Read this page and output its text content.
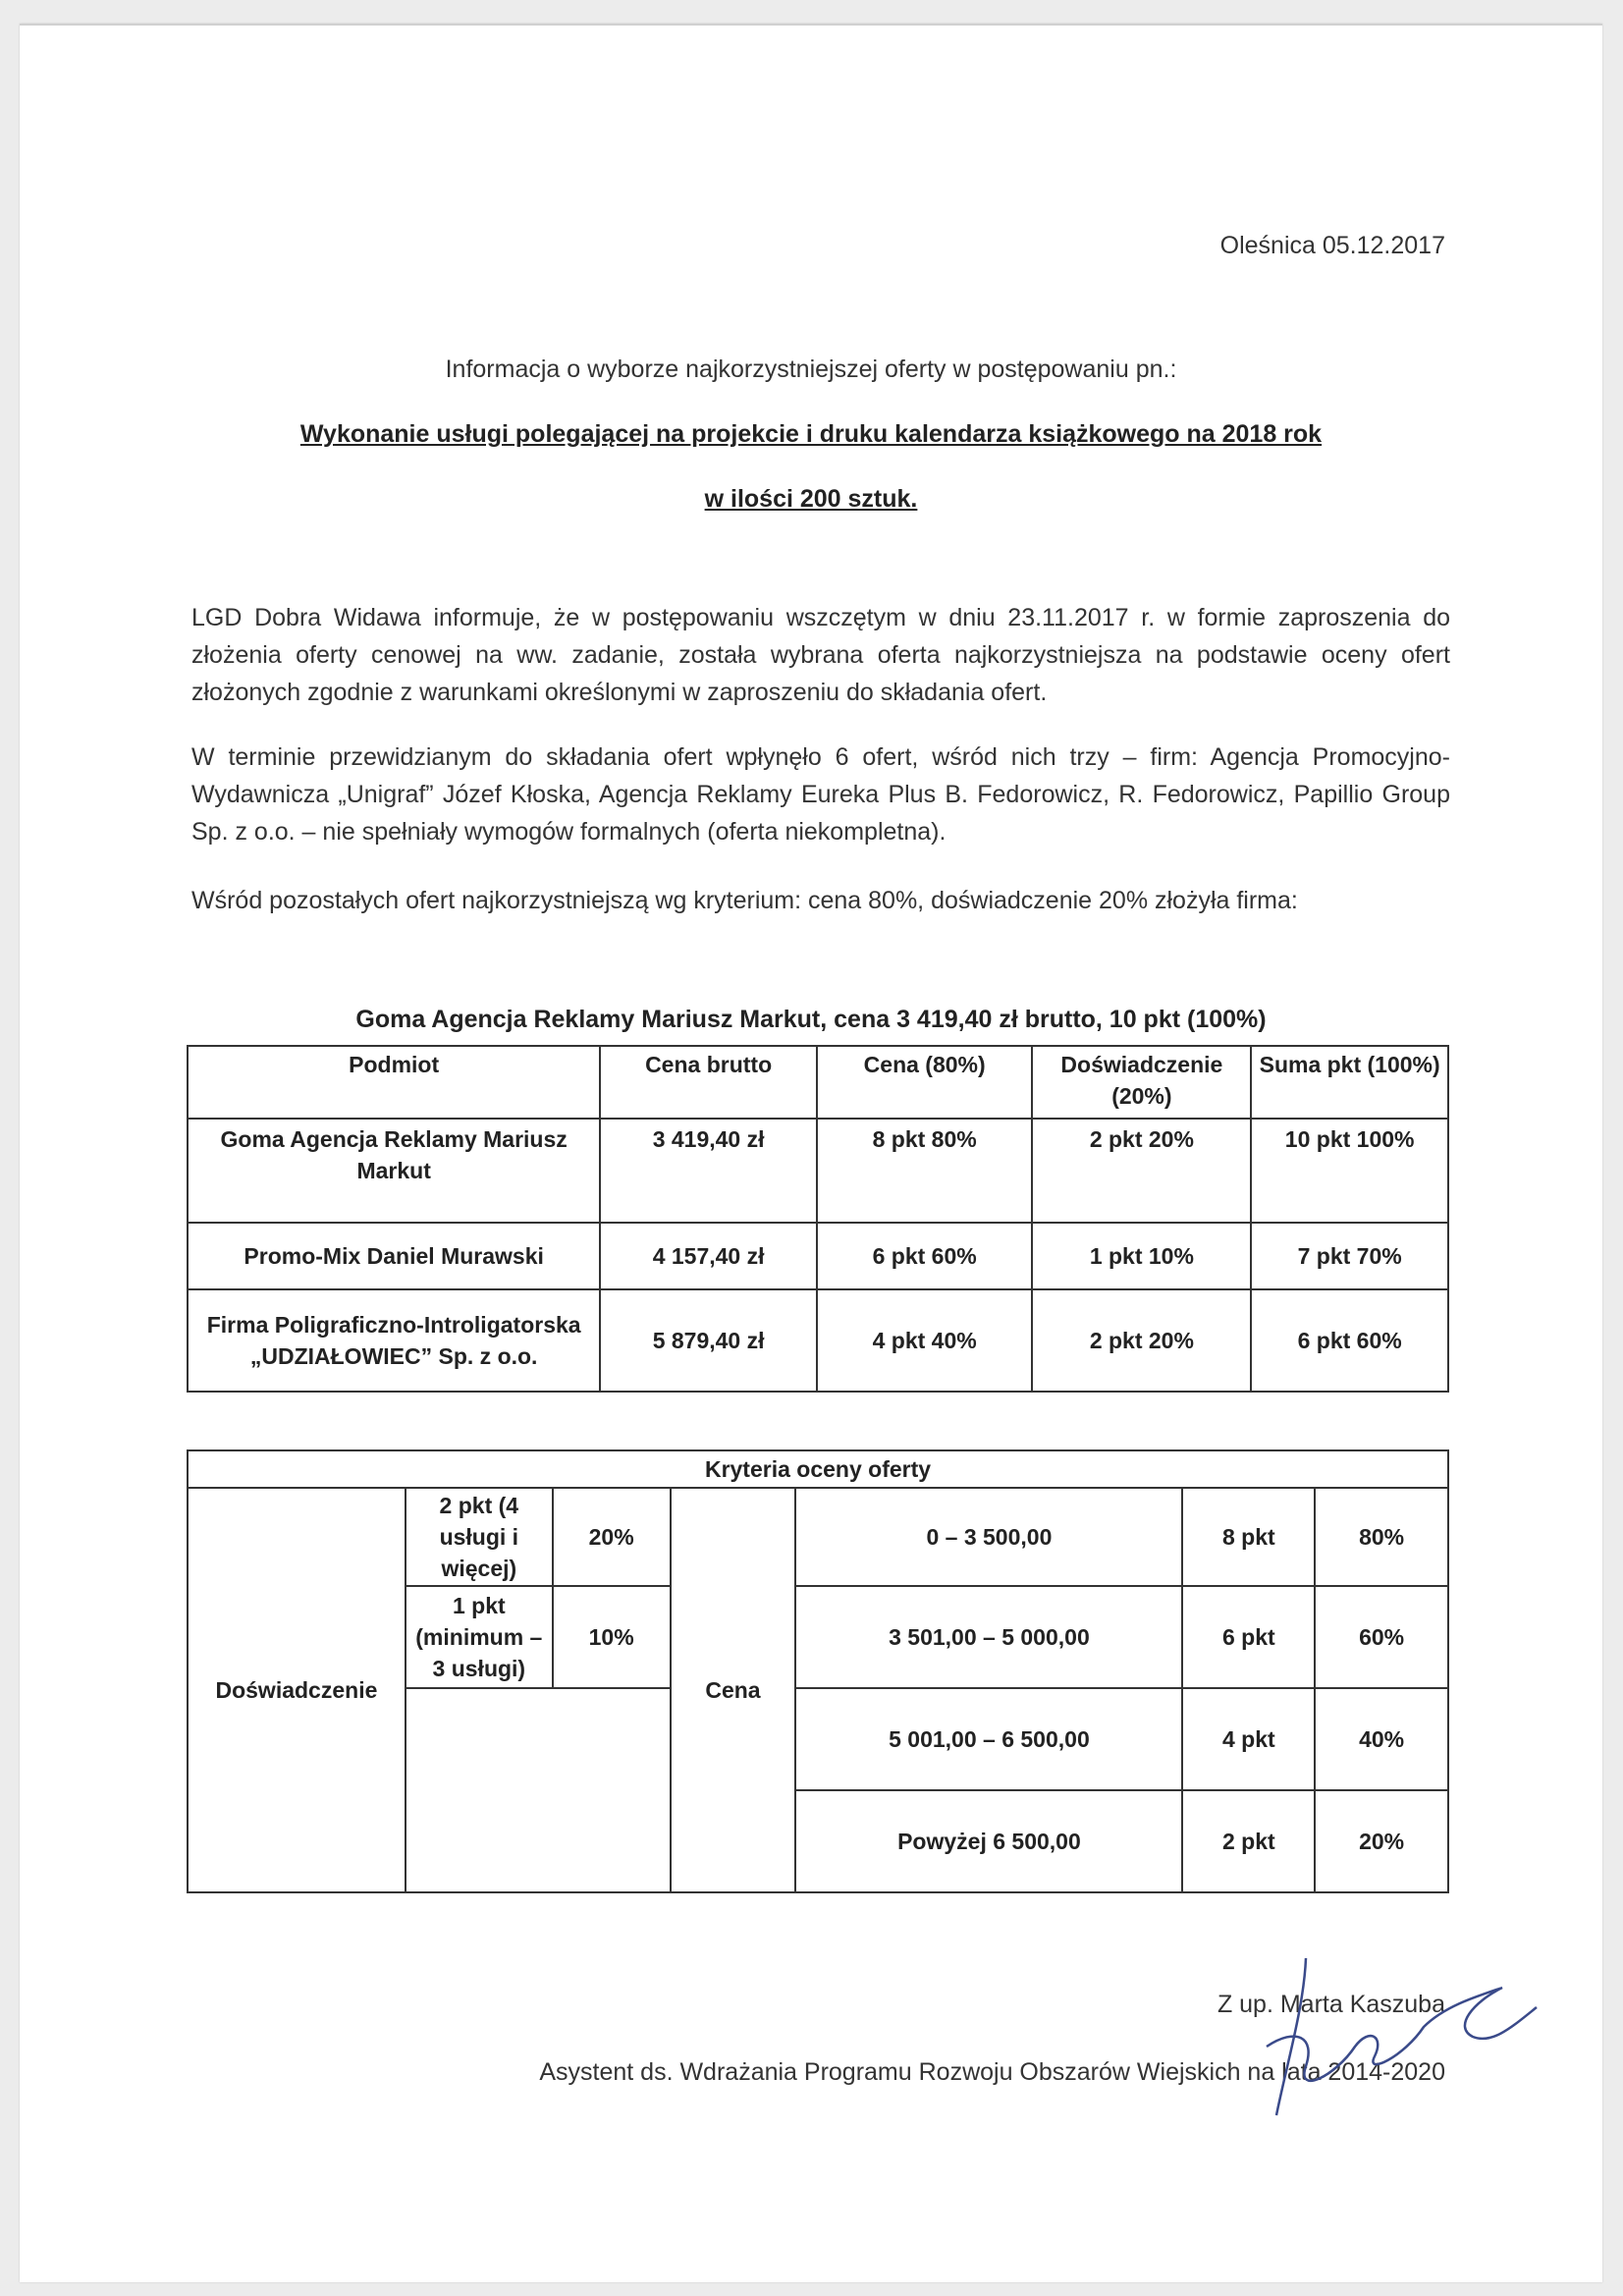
Oleśnica 05.12.2017
Informacja o wyborze najkorzystniejszej oferty w postępowaniu pn.:
Wykonanie usługi polegającej na projekcie i druku kalendarza książkowego na 2018 rok
w ilości 200 sztuk.
LGD Dobra Widawa informuje, że w postępowaniu wszczętym w dniu 23.11.2017 r. w formie zaproszenia do złożenia oferty cenowej na ww. zadanie, została wybrana oferta najkorzystniejsza na podstawie oceny ofert złożonych zgodnie z warunkami określonymi w zaproszeniu do składania ofert.
W terminie przewidzianym do składania ofert wpłynęło 6 ofert, wśród nich trzy – firm: Agencja Promocyjno-Wydawnicza „Unigraf” Józef Kłoska, Agencja Reklamy Eureka Plus B. Fedorowicz, R. Fedorowicz, Papillio Group Sp. z o.o. – nie spełniały wymogów formalnych (oferta niekompletna).
Wśród pozostałych ofert najkorzystniejszą wg kryterium: cena 80%, doświadczenie 20% złożyła firma:
Goma Agencja Reklamy Mariusz Markut, cena 3 419,40 zł brutto, 10 pkt (100%)
Podmiot	Cena brutto	Cena (80%)	Doświadczenie (20%)	Suma pkt (100%)
Goma Agencja Reklamy Mariusz Markut	3 419,40 zł	8 pkt 80%	2 pkt 20%	10 pkt 100%
Promo-Mix Daniel Murawski	4 157,40 zł	6 pkt 60%	1 pkt 10%	7 pkt 70%
Firma Poligraficzno-Introligatorska „UDZIAŁOWIEC” Sp. z o.o.	5 879,40 zł	4 pkt 40%	2 pkt 20%	6 pkt 60%
Kryteria oceny oferty						
Doświadczenie	2 pkt (4 usługi i więcej)	20%	Cena	0 – 3 500,00	8 pkt	80%
	1 pkt (minimum – 3 usługi)	10%		3 501,00 – 5 000,00	6 pkt	60%
				5 001,00 – 6 500,00	4 pkt	40%
				Powyżej 6 500,00	2 pkt	20%
Z up. Marta Kaszuba
Asystent ds. Wdrażania Programu Rozwoju Obszarów Wiejskich na lata 2014-2020
